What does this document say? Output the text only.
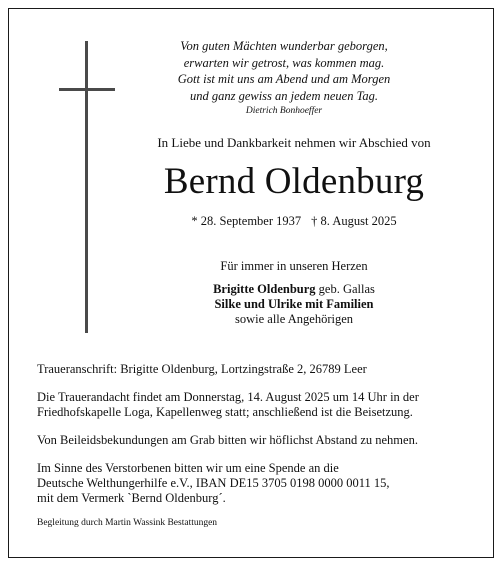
Von guten Mächten wunderbar geborgen,
erwarten wir getrost, was kommen mag.
Gott ist mit uns am Abend und am Morgen
und ganz gewiss an jedem neuen Tag.
Dietrich Bonhoeffer
In Liebe und Dankbarkeit nehmen wir Abschied von
Bernd Oldenburg
* 28. September 1937 † 8. August 2025
Für immer in unseren Herzen
Brigitte Oldenburg geb. Gallas
Silke und Ulrike mit Familien
sowie alle Angehörigen
Traueranschrift: Brigitte Oldenburg, Lortzingstraße 2, 26789 Leer
Die Trauerandacht findet am Donnerstag, 14. August 2025 um 14 Uhr in der
Friedhofskapelle Loga, Kapellenweg statt; anschließend ist die Beisetzung.
Von Beileidsbekundungen am Grab bitten wir höflichst Abstand zu nehmen.
Im Sinne des Verstorbenen bitten wir um eine Spende an die
Deutsche Welthungerhilfe e.V., IBAN DE15 3705 0198 0000 0011 15,
mit dem Vermerk `Bernd Oldenburg´.
Begleitung durch Martin Wassink Bestattungen
